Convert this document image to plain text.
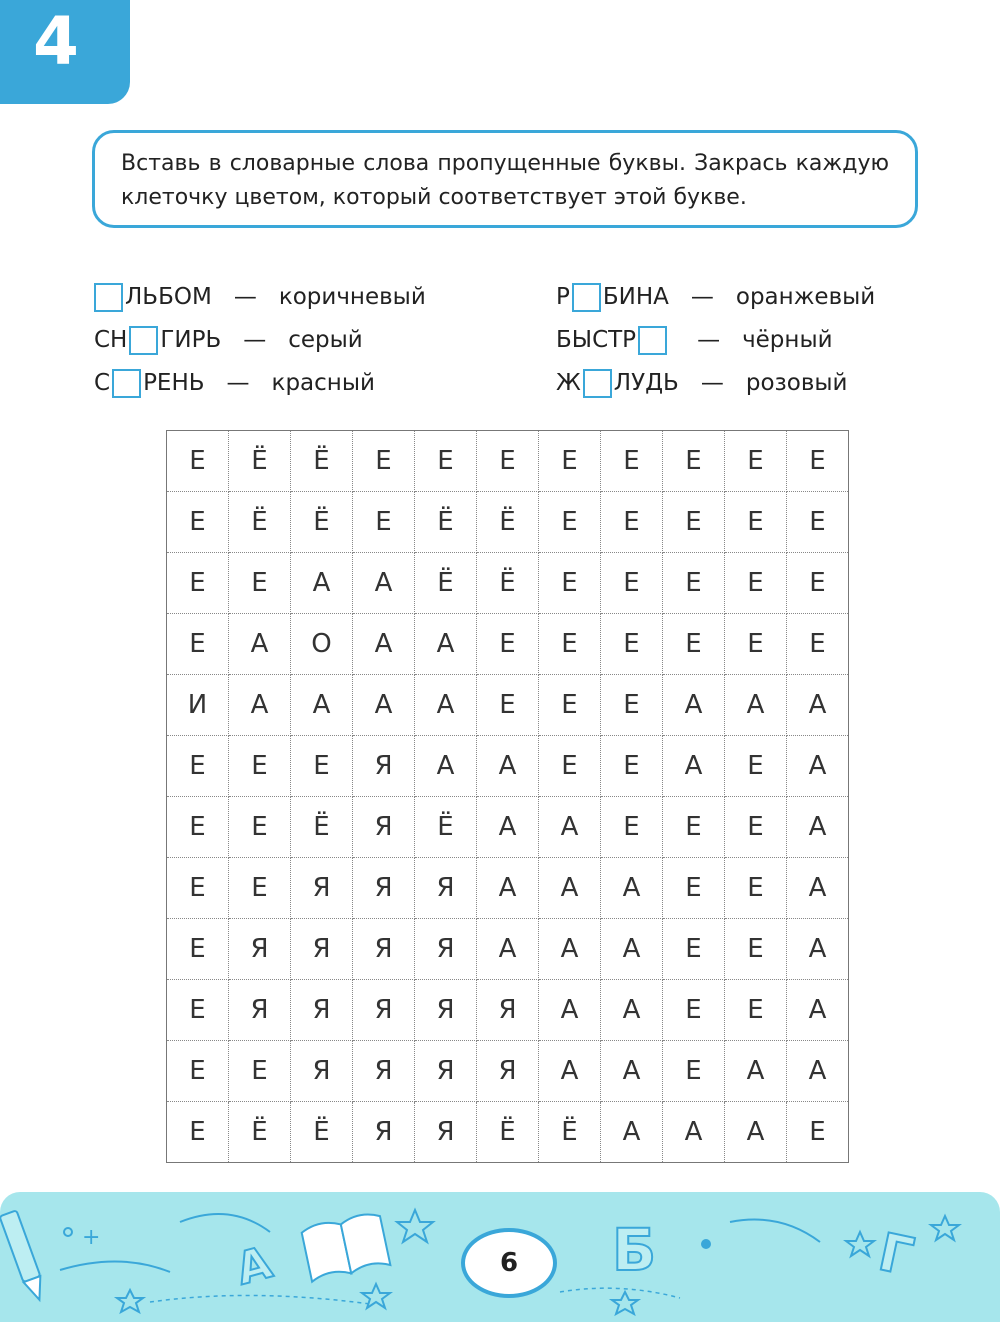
4
Вставь в словарные слова пропущенные буквы. Закрась каждую клеточку цветом, который соответствует этой букве.
ЛЬБОМ — коричневый
СН ГИРЬ — серый
С РЕНЬ — красный
Р БИНА — оранжевый
БЫСТР	— чёрный
Ж ЛУДЬ — розовый
Е	Ё	Ё	Е	Е	Е	Е	Е	Е	Е	Е
Е	Ё	Ё	Е	Ё	Ё	Е	Е	Е	Е	Е
Е	Е	А	А	Ё	Ё	Е	Е	Е	Е	Е
Е	А	О	А	А	Е	Е	Е	Е	Е	Е
И	А	А	А	А	Е	Е	Е	А	А	А
Е	Е	Е	Я	А	А	Е	Е	А	Е	А
Е	Е	Ё	Я	Ё	А	А	Е	Е	Е	А
Е	Е	Я	Я	Я	А	А	А	Е	Е	А
Е	Я	Я	Я	Я	А	А	А	Е	Е	А
Е	Я	Я	Я	Я	Я	А	А	Е	Е	А
Е	Е	Я	Я	Я	Я	А	А	Е	А	А
Е	Ё	Ё	Я	Я	Ё	Ё	А	А	А	Е
+	А	Б	Г
6
